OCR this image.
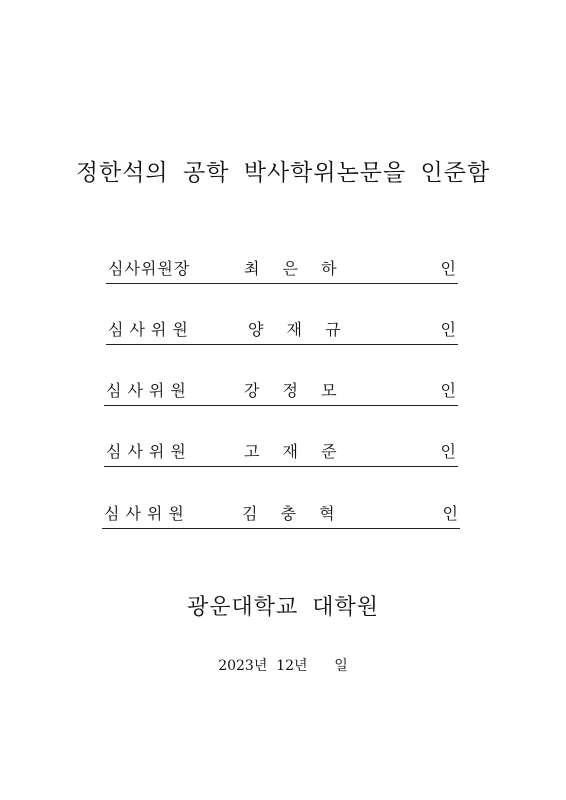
정한석의 공학 박사학위논문을 인준함
심사위원장	최 은 하	인
심사위원	양 재 규	인
심사위원	강 정 모	인
심사위원	고 재 준	인
심사위원	김 충 혁	인
광운대학교 대학원
2023년  12년      일
